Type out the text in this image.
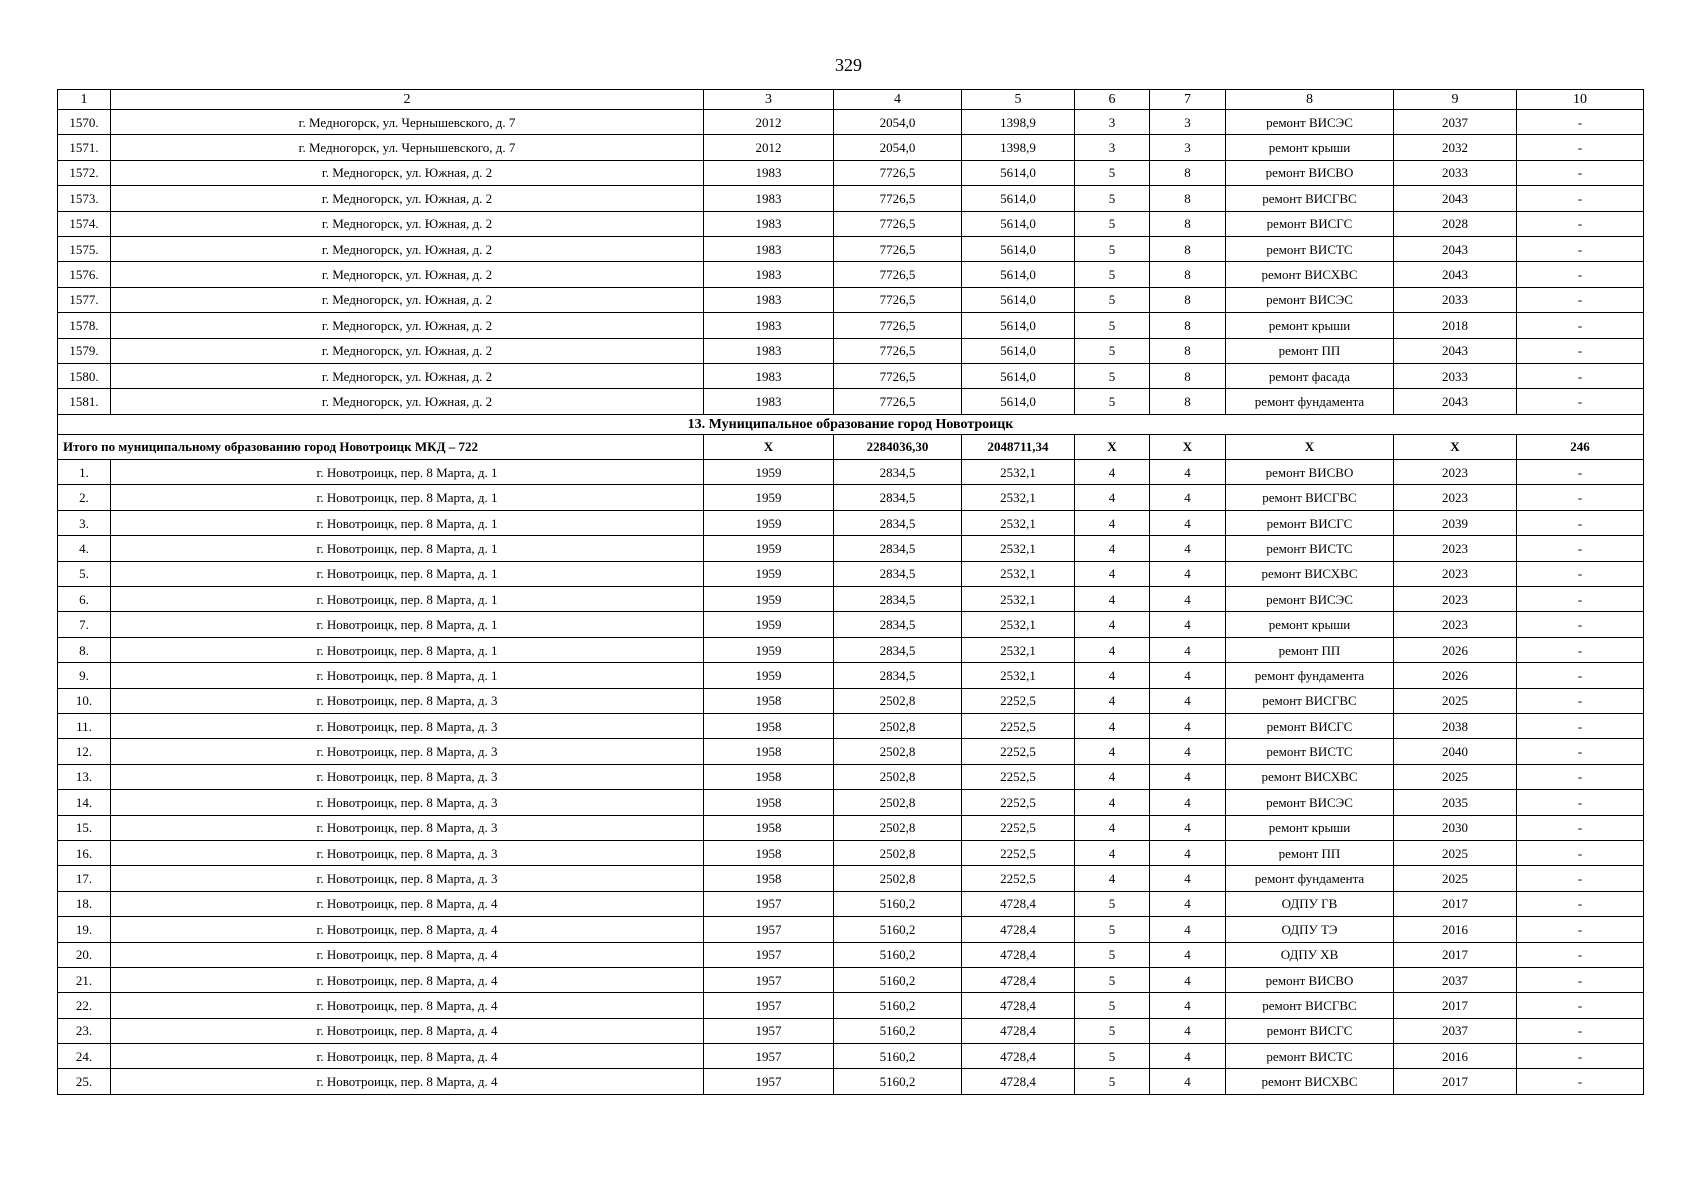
329
1	2	3	4	5	6	7	8	9	10
1570.	г. Медногорск, ул. Чернышевского, д. 7	2012	2054,0	1398,9	3	3	ремонт ВИСЭС	2037	-
1571.	г. Медногорск, ул. Чернышевского, д. 7	2012	2054,0	1398,9	3	3	ремонт крыши	2032	-
1572.	г. Медногорск, ул. Южная, д. 2	1983	7726,5	5614,0	5	8	ремонт ВИСВО	2033	-
1573.	г. Медногорск, ул. Южная, д. 2	1983	7726,5	5614,0	5	8	ремонт ВИСГВС	2043	-
1574.	г. Медногорск, ул. Южная, д. 2	1983	7726,5	5614,0	5	8	ремонт ВИСГС	2028	-
1575.	г. Медногорск, ул. Южная, д. 2	1983	7726,5	5614,0	5	8	ремонт ВИСТС	2043	-
1576.	г. Медногорск, ул. Южная, д. 2	1983	7726,5	5614,0	5	8	ремонт ВИСХВС	2043	-
1577.	г. Медногорск, ул. Южная, д. 2	1983	7726,5	5614,0	5	8	ремонт ВИСЭС	2033	-
1578.	г. Медногорск, ул. Южная, д. 2	1983	7726,5	5614,0	5	8	ремонт крыши	2018	-
1579.	г. Медногорск, ул. Южная, д. 2	1983	7726,5	5614,0	5	8	ремонт ПП	2043	-
1580.	г. Медногорск, ул. Южная, д. 2	1983	7726,5	5614,0	5	8	ремонт фасада	2033	-
1581.	г. Медногорск, ул. Южная, д. 2	1983	7726,5	5614,0	5	8	ремонт фундамента	2043	-
13. Муниципальное образование город Новотроицк									
Итого по муниципальному образованию город Новотроицк МКД – 722		X	2284036,30	2048711,34	X	X	X	X	246
1.	г. Новотроицк, пер. 8 Марта, д. 1	1959	2834,5	2532,1	4	4	ремонт ВИСВО	2023	-
2.	г. Новотроицк, пер. 8 Марта, д. 1	1959	2834,5	2532,1	4	4	ремонт ВИСГВС	2023	-
3.	г. Новотроицк, пер. 8 Марта, д. 1	1959	2834,5	2532,1	4	4	ремонт ВИСГС	2039	-
4.	г. Новотроицк, пер. 8 Марта, д. 1	1959	2834,5	2532,1	4	4	ремонт ВИСТС	2023	-
5.	г. Новотроицк, пер. 8 Марта, д. 1	1959	2834,5	2532,1	4	4	ремонт ВИСХВС	2023	-
6.	г. Новотроицк, пер. 8 Марта, д. 1	1959	2834,5	2532,1	4	4	ремонт ВИСЭС	2023	-
7.	г. Новотроицк, пер. 8 Марта, д. 1	1959	2834,5	2532,1	4	4	ремонт крыши	2023	-
8.	г. Новотроицк, пер. 8 Марта, д. 1	1959	2834,5	2532,1	4	4	ремонт ПП	2026	-
9.	г. Новотроицк, пер. 8 Марта, д. 1	1959	2834,5	2532,1	4	4	ремонт фундамента	2026	-
10.	г. Новотроицк, пер. 8 Марта, д. 3	1958	2502,8	2252,5	4	4	ремонт ВИСГВС	2025	-
11.	г. Новотроицк, пер. 8 Марта, д. 3	1958	2502,8	2252,5	4	4	ремонт ВИСГС	2038	-
12.	г. Новотроицк, пер. 8 Марта, д. 3	1958	2502,8	2252,5	4	4	ремонт ВИСТС	2040	-
13.	г. Новотроицк, пер. 8 Марта, д. 3	1958	2502,8	2252,5	4	4	ремонт ВИСХВС	2025	-
14.	г. Новотроицк, пер. 8 Марта, д. 3	1958	2502,8	2252,5	4	4	ремонт ВИСЭС	2035	-
15.	г. Новотроицк, пер. 8 Марта, д. 3	1958	2502,8	2252,5	4	4	ремонт крыши	2030	-
16.	г. Новотроицк, пер. 8 Марта, д. 3	1958	2502,8	2252,5	4	4	ремонт ПП	2025	-
17.	г. Новотроицк, пер. 8 Марта, д. 3	1958	2502,8	2252,5	4	4	ремонт фундамента	2025	-
18.	г. Новотроицк, пер. 8 Марта, д. 4	1957	5160,2	4728,4	5	4	ОДПУ ГВ	2017	-
19.	г. Новотроицк, пер. 8 Марта, д. 4	1957	5160,2	4728,4	5	4	ОДПУ ТЭ	2016	-
20.	г. Новотроицк, пер. 8 Марта, д. 4	1957	5160,2	4728,4	5	4	ОДПУ ХВ	2017	-
21.	г. Новотроицк, пер. 8 Марта, д. 4	1957	5160,2	4728,4	5	4	ремонт ВИСВО	2037	-
22.	г. Новотроицк, пер. 8 Марта, д. 4	1957	5160,2	4728,4	5	4	ремонт ВИСГВС	2017	-
23.	г. Новотроицк, пер. 8 Марта, д. 4	1957	5160,2	4728,4	5	4	ремонт ВИСГС	2037	-
24.	г. Новотроицк, пер. 8 Марта, д. 4	1957	5160,2	4728,4	5	4	ремонт ВИСТС	2016	-
25.	г. Новотроицк, пер. 8 Марта, д. 4	1957	5160,2	4728,4	5	4	ремонт ВИСХВС	2017	-
